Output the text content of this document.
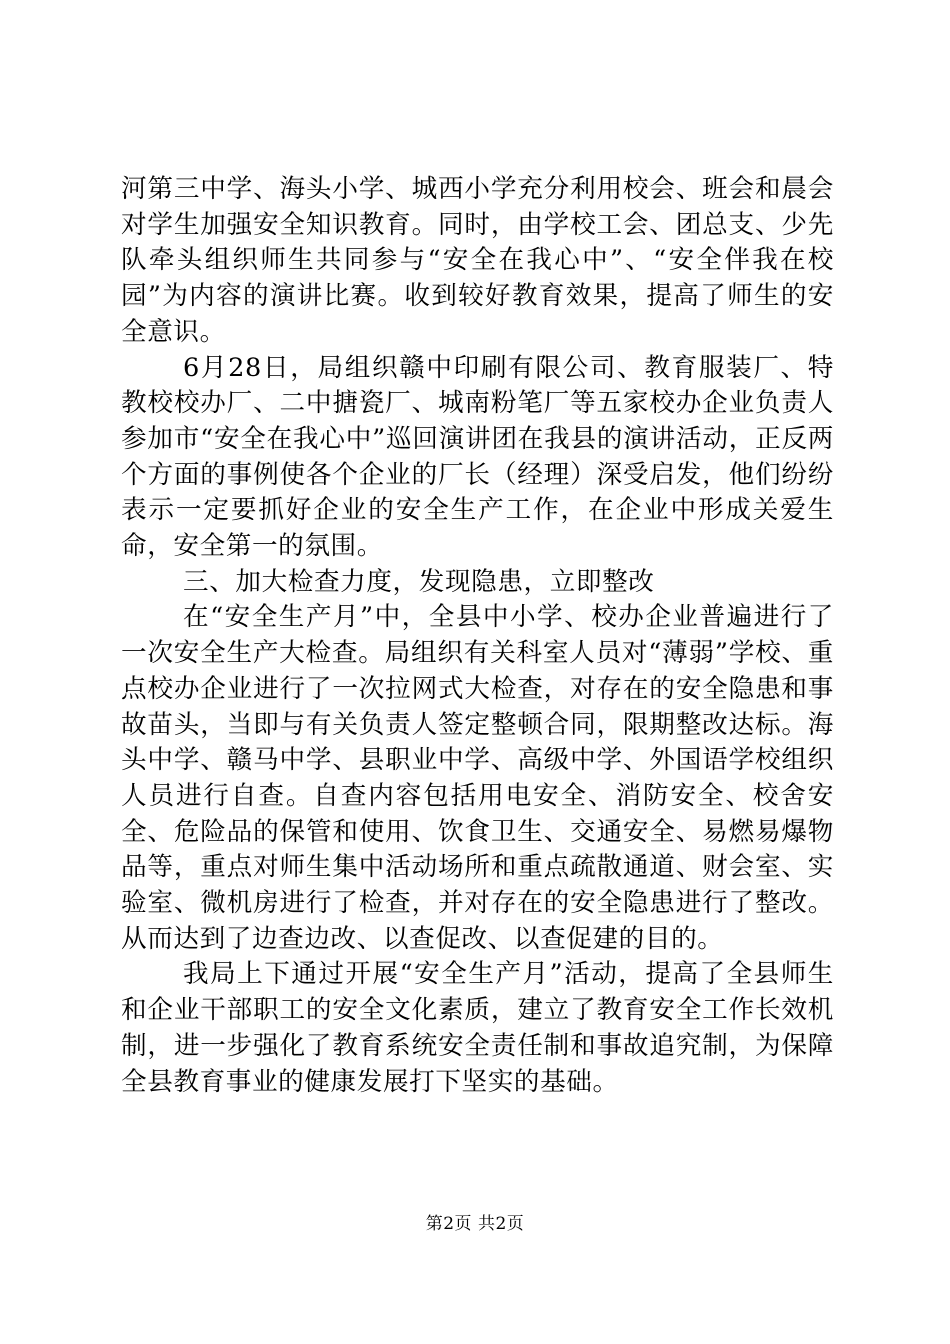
河第三中学、海头小学、城西小学充分利用校会、班会和晨会对学生加强安全知识教育。同时，由学校工会、团总支、少先队牵头组织师生共同参与“安全在我心中”、“安全伴我在校园”为内容的演讲比赛。收到较好教育效果，提高了师生的安全意识。

6月28日，局组织赣中印刷有限公司、教育服装厂、特教校校办厂、二中搪瓷厂、城南粉笔厂等五家校办企业负责人参加市“安全在我心中”巡回演讲团在我县的演讲活动，正反两个方面的事例使各个企业的厂长（经理）深受启发，他们纷纷表示一定要抓好企业的安全生产工作，在企业中形成关爱生命，安全第一的氛围。

三、加大检查力度，发现隐患，立即整改

在“安全生产月”中，全县中小学、校办企业普遍进行了一次安全生产大检查。局组织有关科室人员对“薄弱”学校、重点校办企业进行了一次拉网式大检查，对存在的安全隐患和事故苗头，当即与有关负责人签定整顿合同，限期整改达标。海头中学、赣马中学、县职业中学、高级中学、外国语学校组织人员进行自查。自查内容包括用电安全、消防安全、校舍安全、危险品的保管和使用、饮食卫生、交通安全、易燃易爆物品等，重点对师生集中活动场所和重点疏散通道、财会室、实验室、微机房进行了检查，并对存在的安全隐患进行了整改。从而达到了边查边改、以查促改、以查促建的目的。

我局上下通过开展“安全生产月”活动，提高了全县师生和企业干部职工的安全文化素质，建立了教育安全工作长效机制，进一步强化了教育系统安全责任制和事故追究制，为保障全县教育事业的健康发展打下坚实的基础。

第2页 共2页
